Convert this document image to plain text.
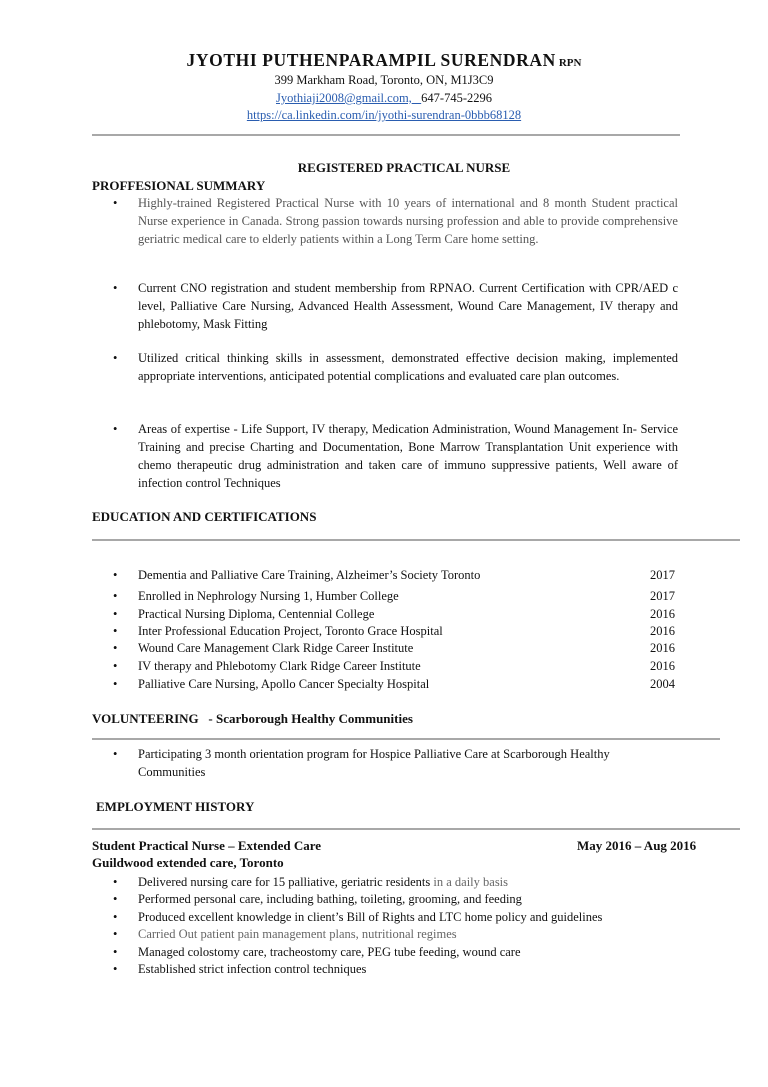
JYOTHI PUTHENPARAMPIL SURENDRAN RPN
399 Markham Road, Toronto, ON, M1J3C9
Jyothiaji2008@gmail.com, 647-745-2296
https://ca.linkedin.com/in/jyothi-surendran-0bbb68128
REGISTERED PRACTICAL NURSE
PROFFESIONAL SUMMARY
• Highly-trained Registered Practical Nurse with 10 years of international and 8 month Student practical Nurse experience in Canada. Strong passion towards nursing profession and able to provide comprehensive geriatric medical care to elderly patients within a Long Term Care home setting.
• Current CNO registration and student membership from RPNAO. Current Certification with CPR/AED c level, Palliative Care Nursing, Advanced Health Assessment, Wound Care Management, IV therapy and phlebotomy, Mask Fitting
• Utilized critical thinking skills in assessment, demonstrated effective decision making, implemented appropriate interventions, anticipated potential complications and evaluated care plan outcomes.
• Areas of expertise - Life Support, IV therapy, Medication Administration, Wound Management In- Service Training and precise Charting and Documentation, Bone Marrow Transplantation Unit experience with chemo therapeutic drug administration and taken care of immuno suppressive patients, Well aware of infection control Techniques
EDUCATION AND CERTIFICATIONS
• Dementia and Palliative Care Training, Alzheimer’s Society Toronto	2017
• Enrolled in Nephrology Nursing 1, Humber College	2017
• Practical Nursing Diploma, Centennial College	2016
• Inter Professional Education Project, Toronto Grace Hospital	2016
• Wound Care Management Clark Ridge Career Institute	2016
• IV therapy and Phlebotomy Clark Ridge Career Institute	2016
• Palliative Care Nursing, Apollo Cancer Specialty Hospital	2004
VOLUNTEERING - Scarborough Healthy Communities
• Participating 3 month orientation program for Hospice Palliative Care at Scarborough Healthy Communities
EMPLOYMENT HISTORY
Student Practical Nurse – Extended Care	May 2016 – Aug 2016
Guildwood extended care, Toronto
• Delivered nursing care for 15 palliative, geriatric residents in a daily basis
• Performed personal care, including bathing, toileting, grooming, and feeding
• Produced excellent knowledge in client’s Bill of Rights and LTC home policy and guidelines
• Carried Out patient pain management plans, nutritional regimes
• Managed colostomy care, tracheostomy care, PEG tube feeding, wound care
• Established strict infection control techniques
